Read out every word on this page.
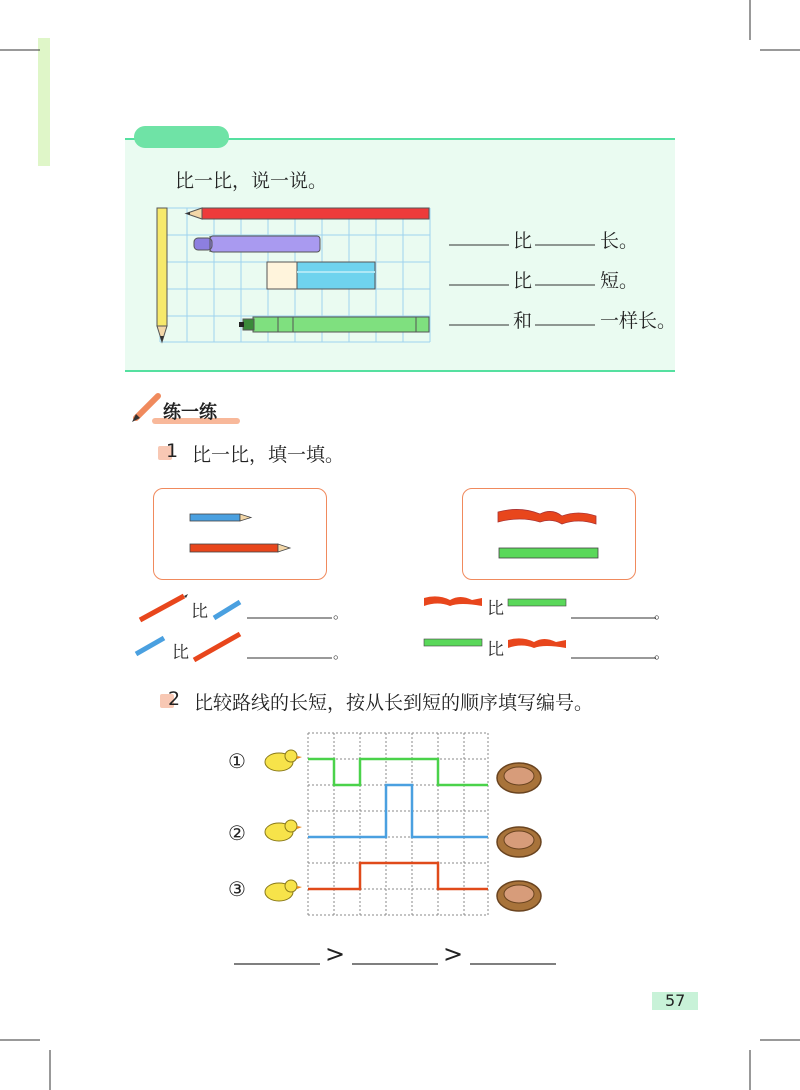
比一比，说一说。
比	长。
比	短。
和	一样长。
练一练
1 比一比，填一填。
比	。
比	。
比	。
比	。
2 比较路线的长短，按从长到短的顺序填写编号。
①
②
③
>	>
57
